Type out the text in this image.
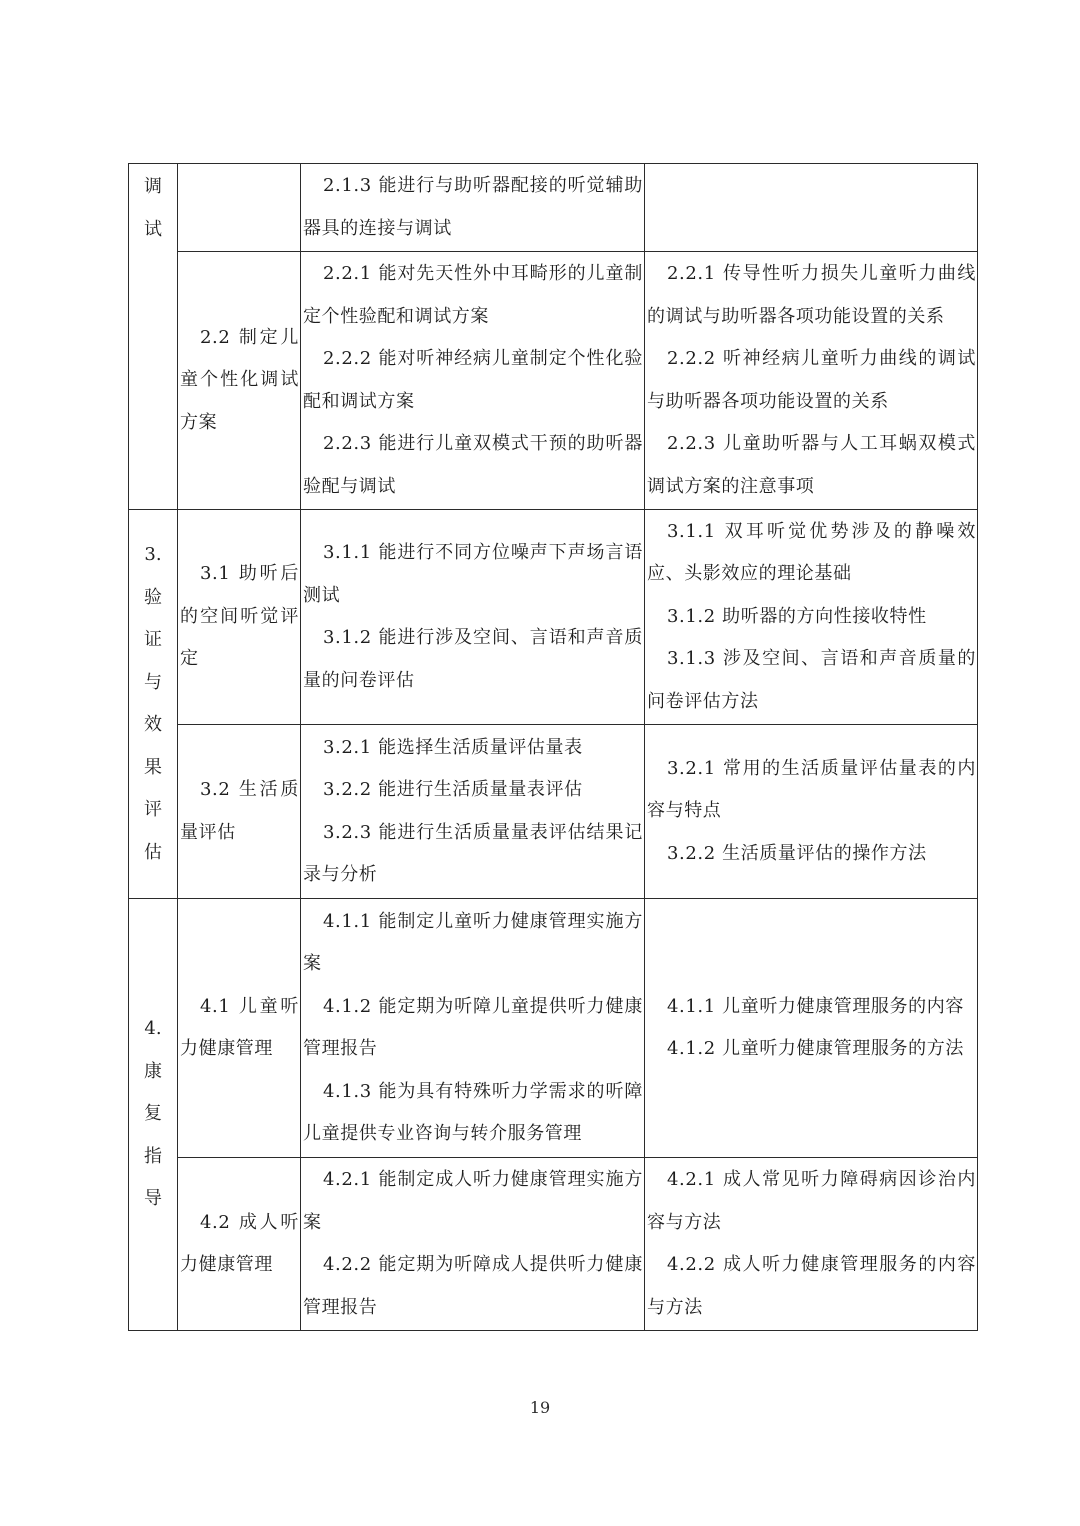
调
试
3.
验
证
与
效
果
评
估
4.
康
复
指
导
2.1.3 能进行与助听器配接的听觉辅助器具的连接与调试
2.2 制定儿童个性化调试方案
2.2.1 能对先天性外中耳畸形的儿童制定个性验配和调试方案
2.2.2 能对听神经病儿童制定个性化验配和调试方案
2.2.3 能进行儿童双模式干预的助听器验配与调试
2.2.1 传导性听力损失儿童听力曲线的调试与助听器各项功能设置的关系
2.2.2 听神经病儿童听力曲线的调试与助听器各项功能设置的关系
2.2.3 儿童助听器与人工耳蜗双模式调试方案的注意事项
3.1 助听后的空间听觉评定
3.1.1 能进行不同方位噪声下声场言语测试
3.1.2 能进行涉及空间、言语和声音质量的问卷评估
3.1.1 双耳听觉优势涉及的静噪效应、头影效应的理论基础
3.1.2 助听器的方向性接收特性
3.1.3 涉及空间、言语和声音质量的问卷评估方法
3.2 生活质量评估
3.2.1 能选择生活质量评估量表
3.2.2 能进行生活质量量表评估
3.2.3 能进行生活质量量表评估结果记录与分析
3.2.1 常用的生活质量评估量表的内容与特点
3.2.2 生活质量评估的操作方法
4.1 儿童听力健康管理
4.1.1 能制定儿童听力健康管理实施方案
4.1.2 能定期为听障儿童提供听力健康管理报告
4.1.3 能为具有特殊听力学需求的听障儿童提供专业咨询与转介服务管理
4.1.1 儿童听力健康管理服务的内容
4.1.2 儿童听力健康管理服务的方法
4.2 成人听力健康管理
4.2.1 能制定成人听力健康管理实施方案
4.2.2 能定期为听障成人提供听力健康管理报告
4.2.1 成人常见听力障碍病因诊治内容与方法
4.2.2 成人听力健康管理服务的内容与方法
19
